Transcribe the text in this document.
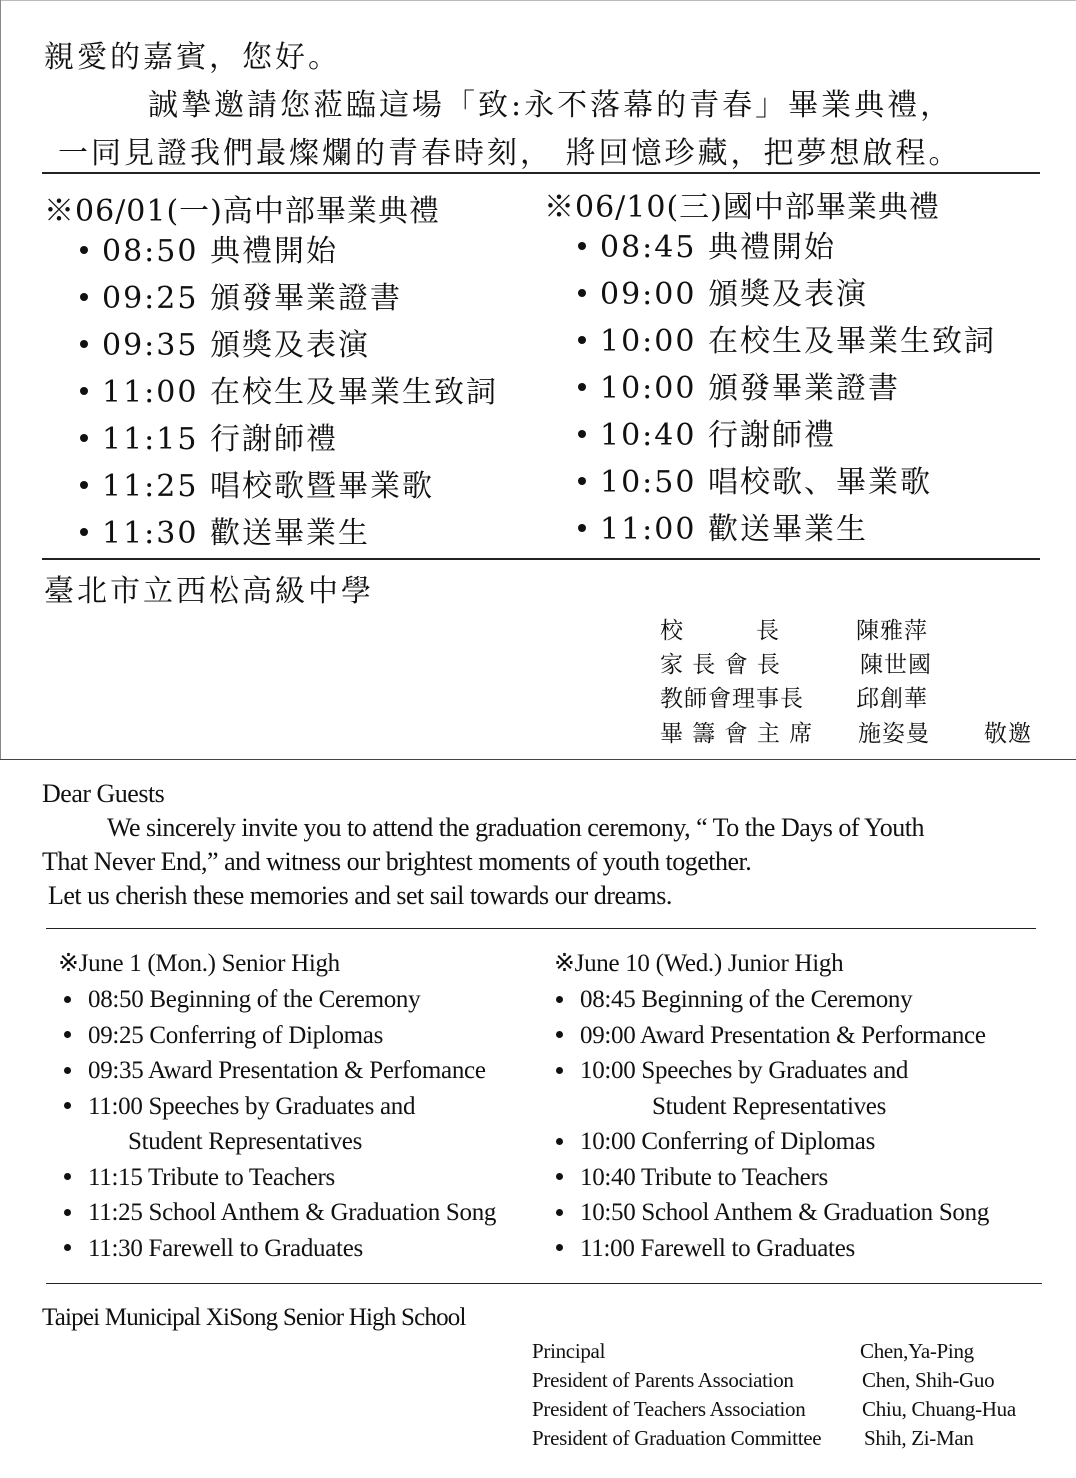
親愛的嘉賓，您好。
誠摯邀請您蒞臨這場「致:永不落幕的青春」畢業典禮，
一同見證我們最燦爛的青春時刻， 將回憶珍藏，把夢想啟程。
※06/01(一)高中部畢業典禮
08:50 典禮開始
09:25 頒發畢業證書
09:35 頒獎及表演
11:00 在校生及畢業生致詞
11:15 行謝師禮
11:25 唱校歌暨畢業歌
11:30 歡送畢業生
※06/10(三)國中部畢業典禮
08:45 典禮開始
09:00 頒獎及表演
10:00 在校生及畢業生致詞
10:00 頒發畢業證書
10:40 行謝師禮
10:50 唱校歌、畢業歌
11:00 歡送畢業生
臺北市立西松高級中學
校　　　長	陳雅萍
家 長 會 長	陳世國
教師會理事長 邱創華
畢 籌 會 主 席 施姿曼 敬邀
Dear Guests
We sincerely invite you to attend the graduation ceremony, “ To the Days of Youth
That Never End,” and witness our brightest moments of youth together.
Let us cherish these memories and set sail towards our dreams.
※June 1 (Mon.) Senior High
08:50 Beginning of the Ceremony
09:25 Conferring of Diplomas
09:35 Award Presentation & Perfomance
11:00 Speeches by Graduates and
Student Representatives
11:15 Tribute to Teachers
11:25 School Anthem & Graduation Song
11:30 Farewell to Graduates
※June 10 (Wed.) Junior High
08:45 Beginning of the Ceremony
09:00 Award Presentation & Performance
10:00 Speeches by Graduates and
Student Representatives
10:00 Conferring of Diplomas
10:40 Tribute to Teachers
10:50 School Anthem & Graduation Song
11:00 Farewell to Graduates
Taipei Municipal XiSong Senior High School
Principal	Chen,Ya-Ping
President of Parents Association	Chen, Shih-Guo
President of Teachers Association	Chiu, Chuang-Hua
President of Graduation Committee Shih, Zi-Man
